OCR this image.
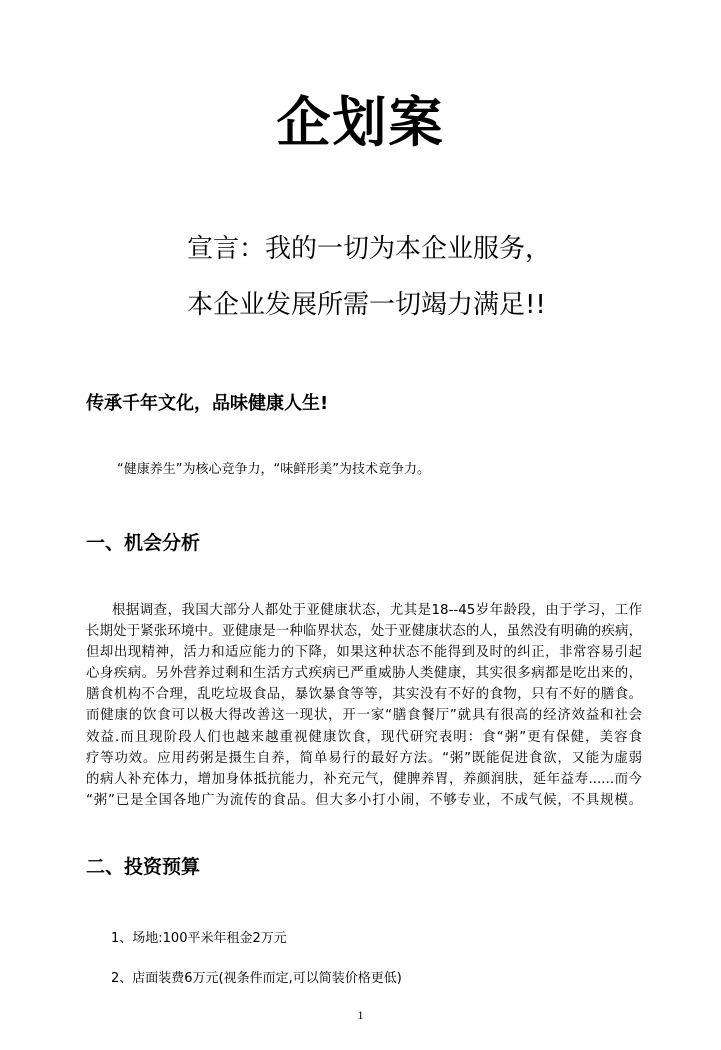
企划案
宣言：我的一切为本企业服务，
本企业发展所需一切竭力满足!!
传承千年文化，品味健康人生!
“健康养生”为核心竞争力，“味鲜形美”为技术竞争力。
一、机会分析
根据调查，我国大部分人都处于亚健康状态，尤其是18--45岁年龄段，由于学习，工作
长期处于紧张环境中。亚健康是一种临界状态，处于亚健康状态的人，虽然没有明确的疾病，
但却出现精神，活力和适应能力的下降，如果这种状态不能得到及时的纠正，非常容易引起
心身疾病。另外营养过剩和生活方式疾病已严重威胁人类健康，其实很多病都是吃出来的，
膳食机构不合理，乱吃垃圾食品，暴饮暴食等等，其实没有不好的食物，只有不好的膳食。
而健康的饮食可以极大得改善这一现状，开一家“膳食餐厅”就具有很高的经济效益和社会
效益.而且现阶段人们也越来越重视健康饮食，现代研究表明：食“粥”更有保健，美容食
疗等功效。应用药粥是摄生自养，简单易行的最好方法。“粥”既能促进食欲，又能为虚弱
的病人补充体力，增加身体抵抗能力，补充元气，健脾养胃，养颜润肤，延年益寿......而今
“粥”已是全国各地广为流传的食品。但大多小打小闹，不够专业，不成气候，不具规模。
二、投资预算
1、场地:100平米年租金2万元
2、店面装费6万元(视条件而定,可以简装价格更低)
1
